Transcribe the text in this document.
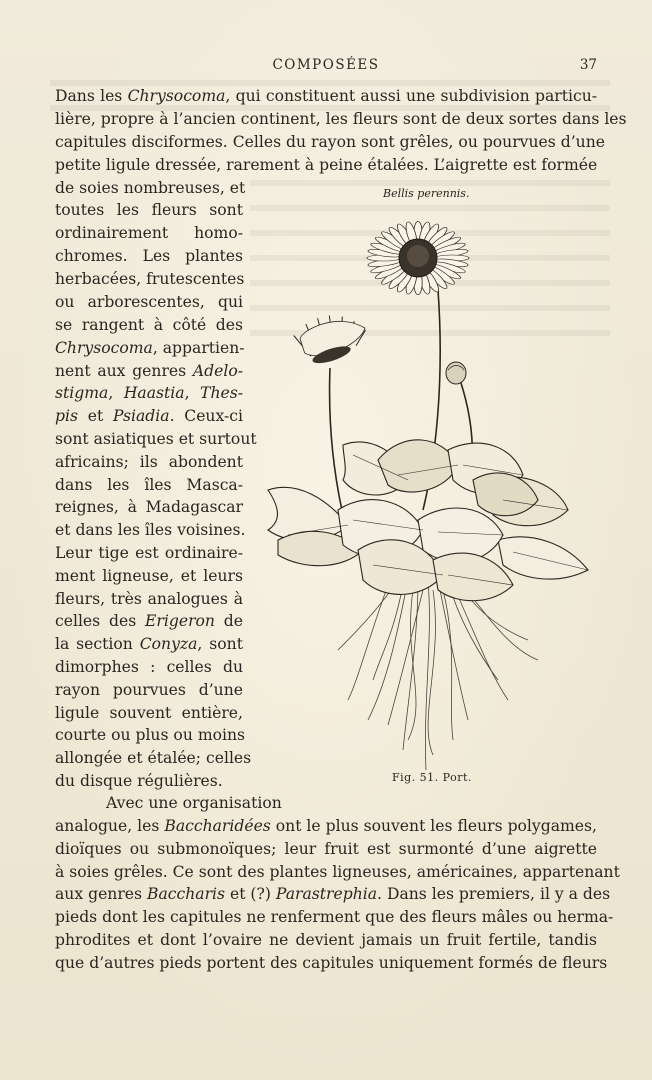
COMPOSÉES	37
Dans les Chrysocoma, qui constituent aussi une subdivision particu-
lière, propre à l’ancien continent, les fleurs sont de deux sortes dans les
capitules disciformes. Celles du rayon sont grêles, ou pourvues d’une
petite ligule dressée, rarement à peine étalées. L’aigrette est formée
de soies nombreuses, et
toutes les fleurs sont
ordinairement homo-
chromes. Les plantes
herbacées, frutescentes
ou arborescentes, qui
se rangent à côté des
Chrysocoma, appartien-
nent aux genres Adelo-
stigma, Haastia, Thes-
pis et Psiadia. Ceux-ci
sont asiatiques et surtout
africains; ils abondent
dans les îles Masca-
reignes, à Madagascar
et dans les îles voisines.
Leur tige est ordinaire-
ment ligneuse, et leurs
fleurs, très analogues à
celles des Erigeron de
la section Conyza, sont
dimorphes : celles du
rayon pourvues d’une
ligule souvent entière,
courte ou plus ou moins
allongée et étalée; celles
du disque régulières.
Avec une organisation
analogue, les Baccharidées ont le plus souvent les fleurs polygames,
dioïques ou submonoïques; leur fruit est surmonté d’une aigrette
à soies grêles. Ce sont des plantes ligneuses, américaines, appartenant
aux genres Baccharis et (?) Parastrephia. Dans les premiers, il y a des
pieds dont les capitules ne renferment que des fleurs mâles ou herma-
phrodites et dont l’ovaire ne devient jamais un fruit fertile, tandis
que d’autres pieds portent des capitules uniquement formés de fleurs
Bellis perennis.
Fig. 51. Port.
